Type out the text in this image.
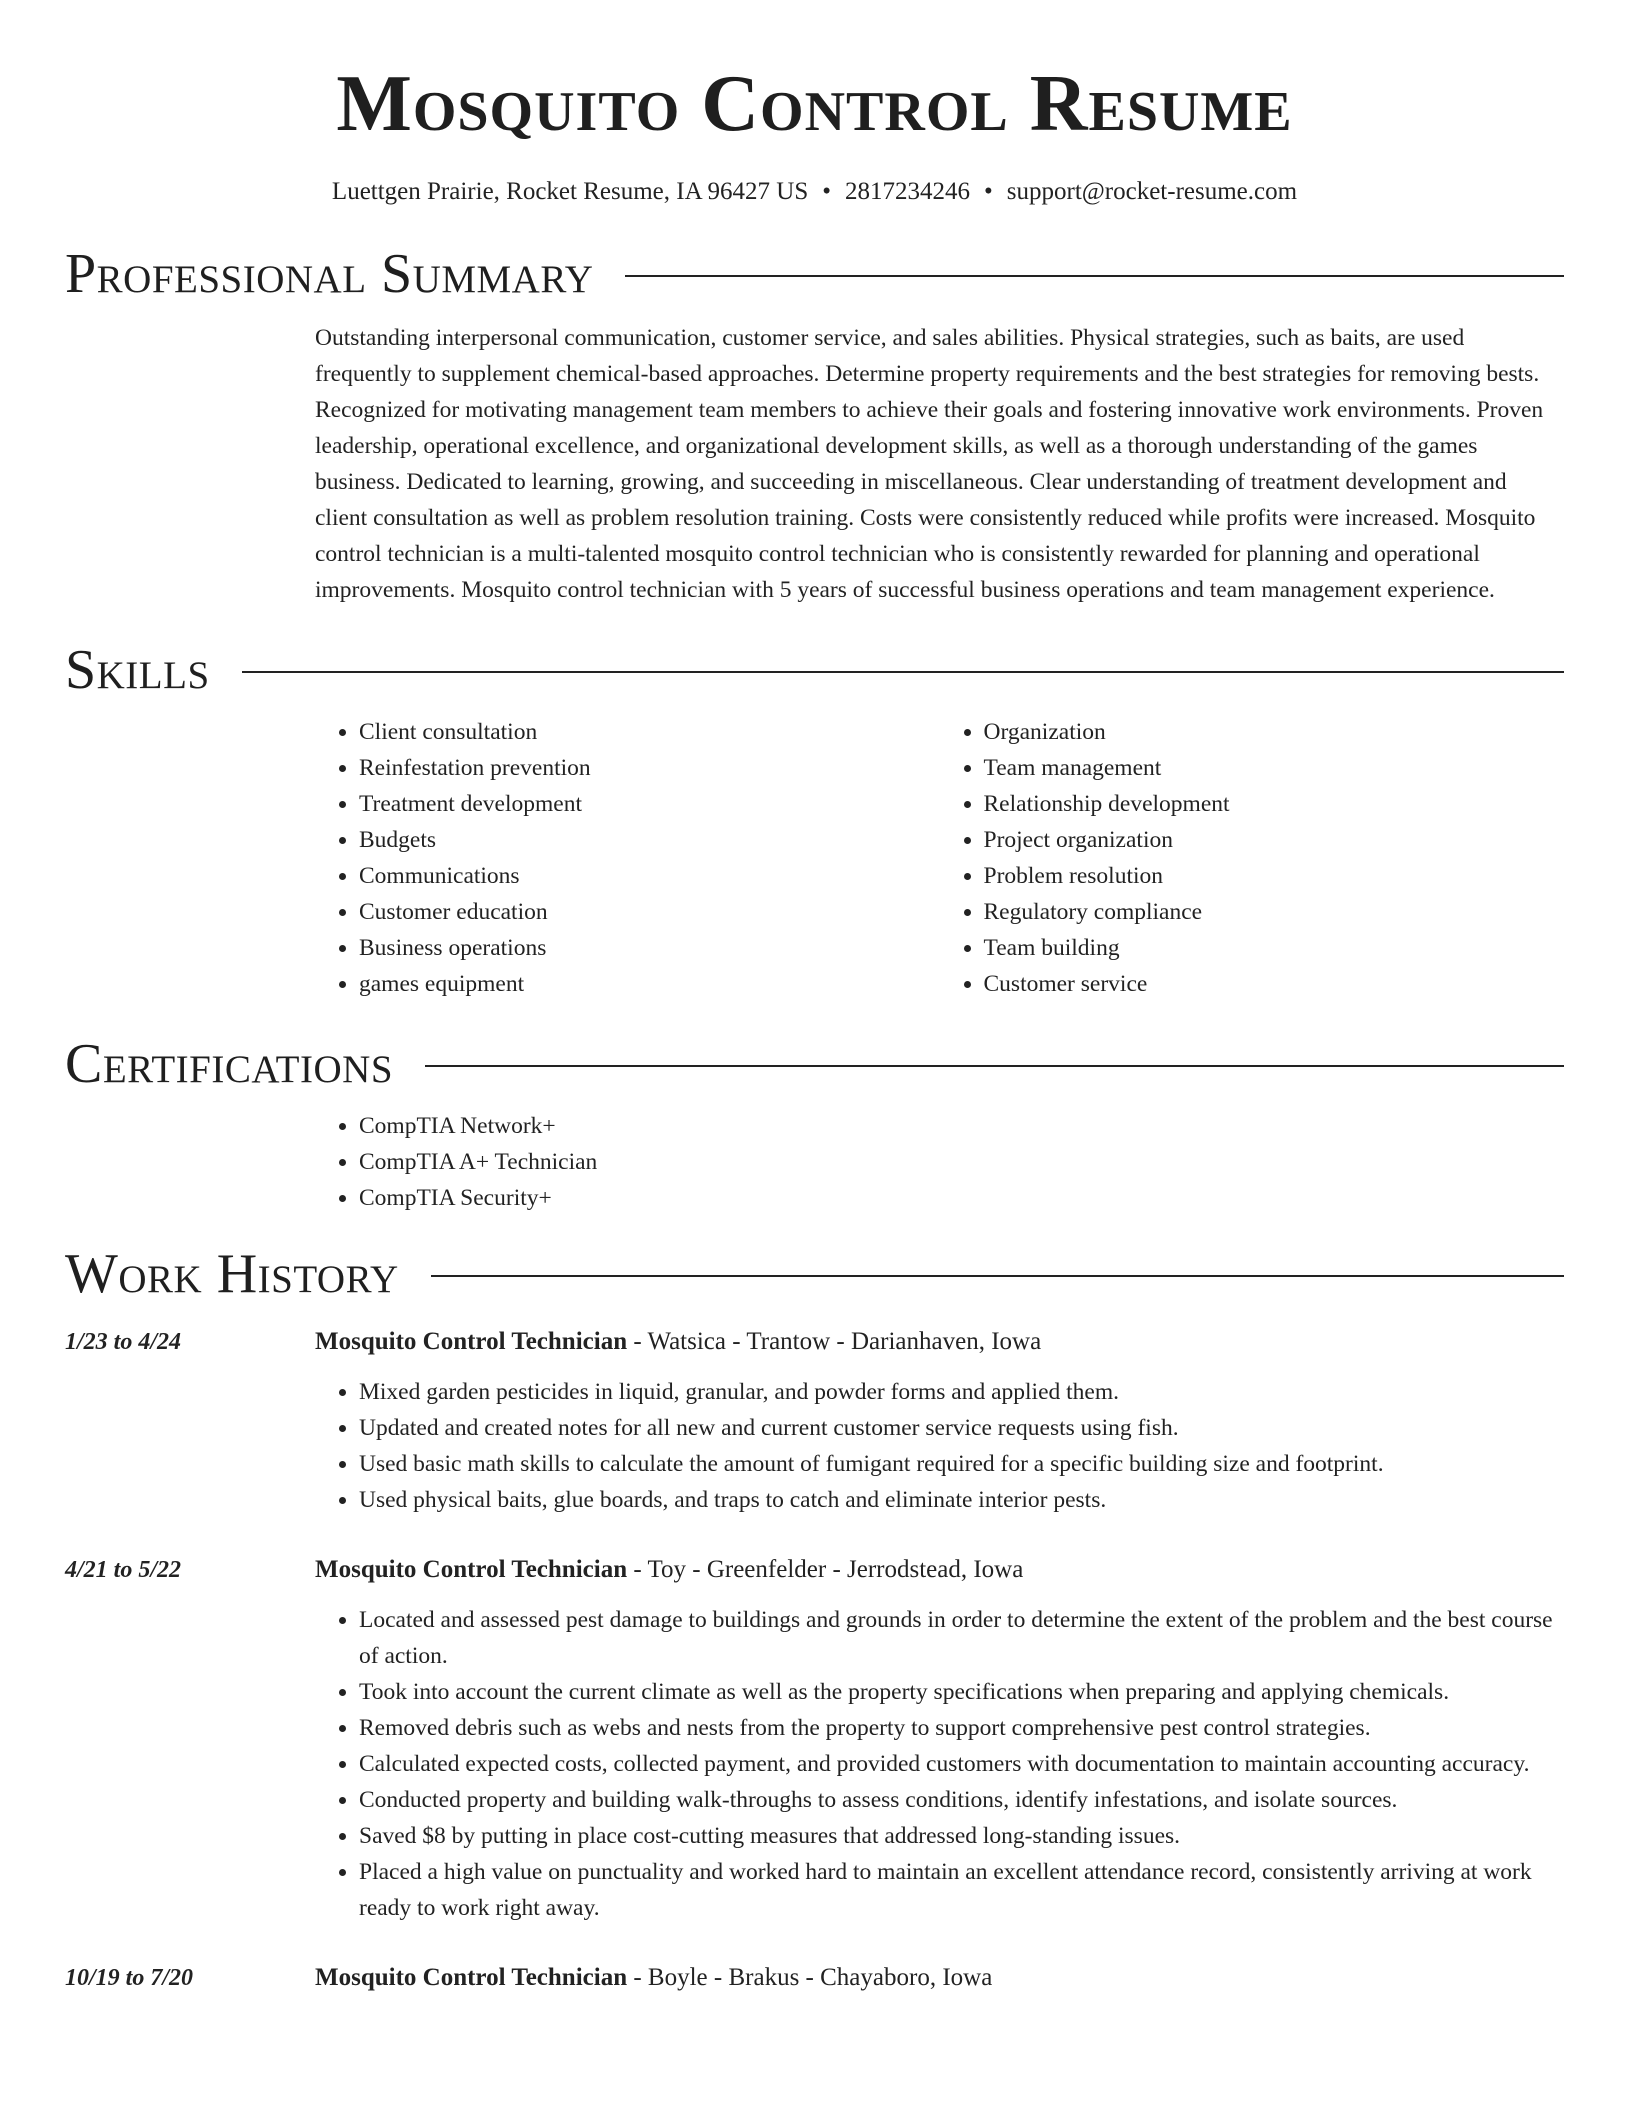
Mosquito Control Resume
Luettgen Prairie, Rocket Resume, IA 96427 US • 2817234246 • support@rocket-resume.com
Professional Summary

Outstanding interpersonal communication, customer service, and sales abilities. Physical strategies, such as baits, are used frequently to supplement chemical-based approaches. Determine property requirements and the best strategies for removing bests. Recognized for motivating management team members to achieve their goals and fostering innovative work environments. Proven leadership, operational excellence, and organizational development skills, as well as a thorough understanding of the games business. Dedicated to learning, growing, and succeeding in miscellaneous. Clear understanding of treatment development and client consultation as well as problem resolution training. Costs were consistently reduced while profits were increased. Mosquito control technician is a multi-talented mosquito control technician who is consistently rewarded for planning and operational improvements. Mosquito control technician with 5 years of successful business operations and team management experience.

Skills
• Client consultation
• Reinfestation prevention
• Treatment development
• Budgets
• Communications
• Customer education
• Business operations
• games equipment
• Organization
• Team management
• Relationship development
• Project organization
• Problem resolution
• Regulatory compliance
• Team building
• Customer service
Certifications
• CompTIA Network+
• CompTIA A+ Technician
• CompTIA Security+
Work History
1/23 to 4/24	Mosquito Control Technician - Watsica - Trantow - Darianhaven, Iowa
• Mixed garden pesticides in liquid, granular, and powder forms and applied them.
• Updated and created notes for all new and current customer service requests using fish.
• Used basic math skills to calculate the amount of fumigant required for a specific building size and footprint.
• Used physical baits, glue boards, and traps to catch and eliminate interior pests.
4/21 to 5/22	Mosquito Control Technician - Toy - Greenfelder - Jerrodstead, Iowa
• Located and assessed pest damage to buildings and grounds in order to determine the extent of the problem and the best course of action.
• Took into account the current climate as well as the property specifications when preparing and applying chemicals.
• Removed debris such as webs and nests from the property to support comprehensive pest control strategies.
• Calculated expected costs, collected payment, and provided customers with documentation to maintain accounting accuracy.
• Conducted property and building walk-throughs to assess conditions, identify infestations, and isolate sources.
• Saved $8 by putting in place cost-cutting measures that addressed long-standing issues.
• Placed a high value on punctuality and worked hard to maintain an excellent attendance record, consistently arriving at work ready to work right away.
10/19 to 7/20	Mosquito Control Technician - Boyle - Brakus - Chayaboro, Iowa
